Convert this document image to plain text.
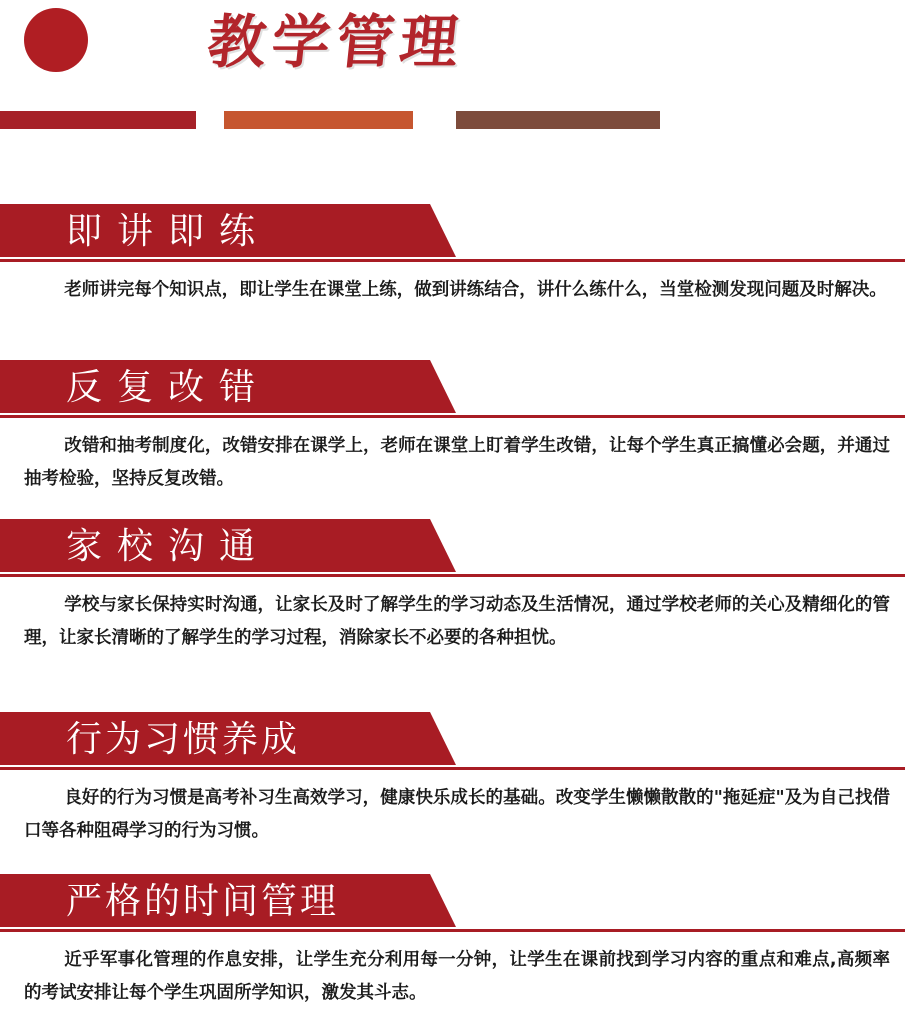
教学管理
即讲即练

老师讲完每个知识点，即让学生在课堂上练，做到讲练结合，讲什么练什么，当堂检测发现问题及时解决。

反复改错

改错和抽考制度化，改错安排在课学上，老师在课堂上盯着学生改错，让每个学生真正搞懂必会题，并通过抽考检验，坚持反复改错。

家校沟通

学校与家长保持实时沟通，让家长及时了解学生的学习动态及生活情况，通过学校老师的关心及精细化的管理，让家长清晰的了解学生的学习过程，消除家长不必要的各种担忧。

行为习惯养成

良好的行为习惯是高考补习生高效学习，健康快乐成长的基础。改变学生懒懒散散的"拖延症"及为自己找借口等各种阻碍学习的行为习惯。

严格的时间管理

近乎军事化管理的作息安排，让学生充分利用每一分钟，让学生在课前找到学习内容的重点和难点,高频率的考试安排让每个学生巩固所学知识，激发其斗志。
